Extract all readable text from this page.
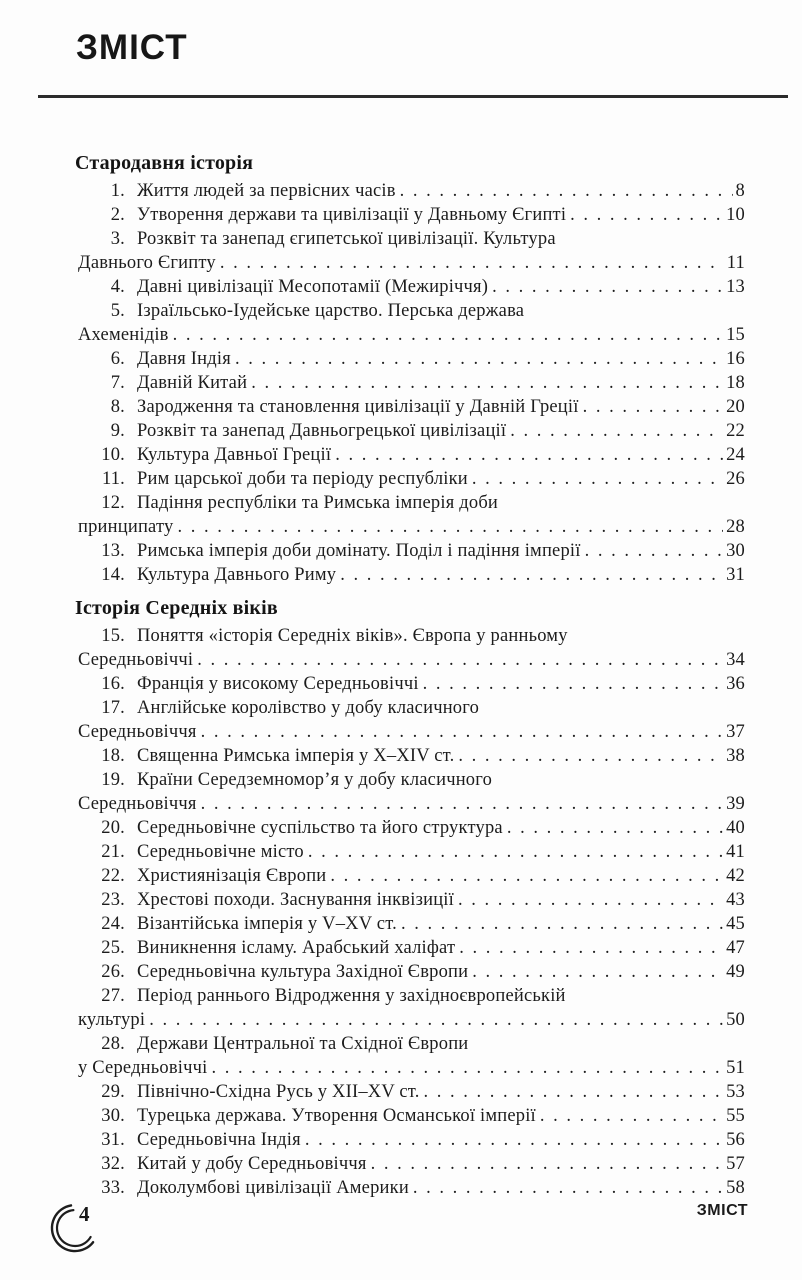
ЗМІСТ
Стародавня історія
1. Життя людей за первісних часів . . .	8
2. Утворення держави та цивілізації у Давньому Єгипті . . .	10
3. Розквіт та занепад єгипетської цивілізації. Культура
Давнього Єгипту . . .	11
4. Давні цивілізації Месопотамії (Межиріччя) . . .	13
5. Ізраїльсько-Іудейське царство. Перська держава
Ахеменідів . . .	15
6. Давня Індія . . .	16
7. Давній Китай . . .	18
8. Зародження та становлення цивілізації у Давній Греції . . .	20
9. Розквіт та занепад Давньогрецької цивілізації . . .	22
10. Культура Давньої Греції . . .	24
11. Рим царської доби та періоду республіки . . .	26
12. Падіння республіки та Римська імперія доби
принципату . . .	28
13. Римська імперія доби домінату. Поділ і падіння імперії . . .	30
14. Культура Давнього Риму . . .	31
Історія Середніх віків
15. Поняття «історія Середніх віків». Європа у ранньому
Середньовіччі . . .	34
16. Франція у високому Середньовіччі . . .	36
17. Англійське королівство у добу класичного
Середньовіччя . . .	37
18. Священна Римська імперія у X–XIV ст. . . .	38
19. Країни Середземномор’я у добу класичного
Середньовіччя . . .	39
20. Середньовічне суспільство та його структура . . .	40
21. Середньовічне місто . . .	41
22. Християнізація Європи . . .	42
23. Хрестові походи. Заснування інквізиції . . .	43
24. Візантійська імперія у V–XV ст. . . .	45
25. Виникнення ісламу. Арабський халіфат . . .	47
26. Середньовічна культура Західної Європи . . .	49
27. Період раннього Відродження у західноєвропейській
культурі . . .	50
28. Держави Центральної та Східної Європи
у Середньовіччі . . .	51
29. Північно-Східна Русь у XII–XV ст. . . .	53
30. Турецька держава. Утворення Османської імперії . . .	55
31. Середньовічна Індія . . .	56
32. Китай у добу Середньовіччя . . .	57
33. Доколумбові цивілізації Америки . . .	58
4	ЗМІСТ
